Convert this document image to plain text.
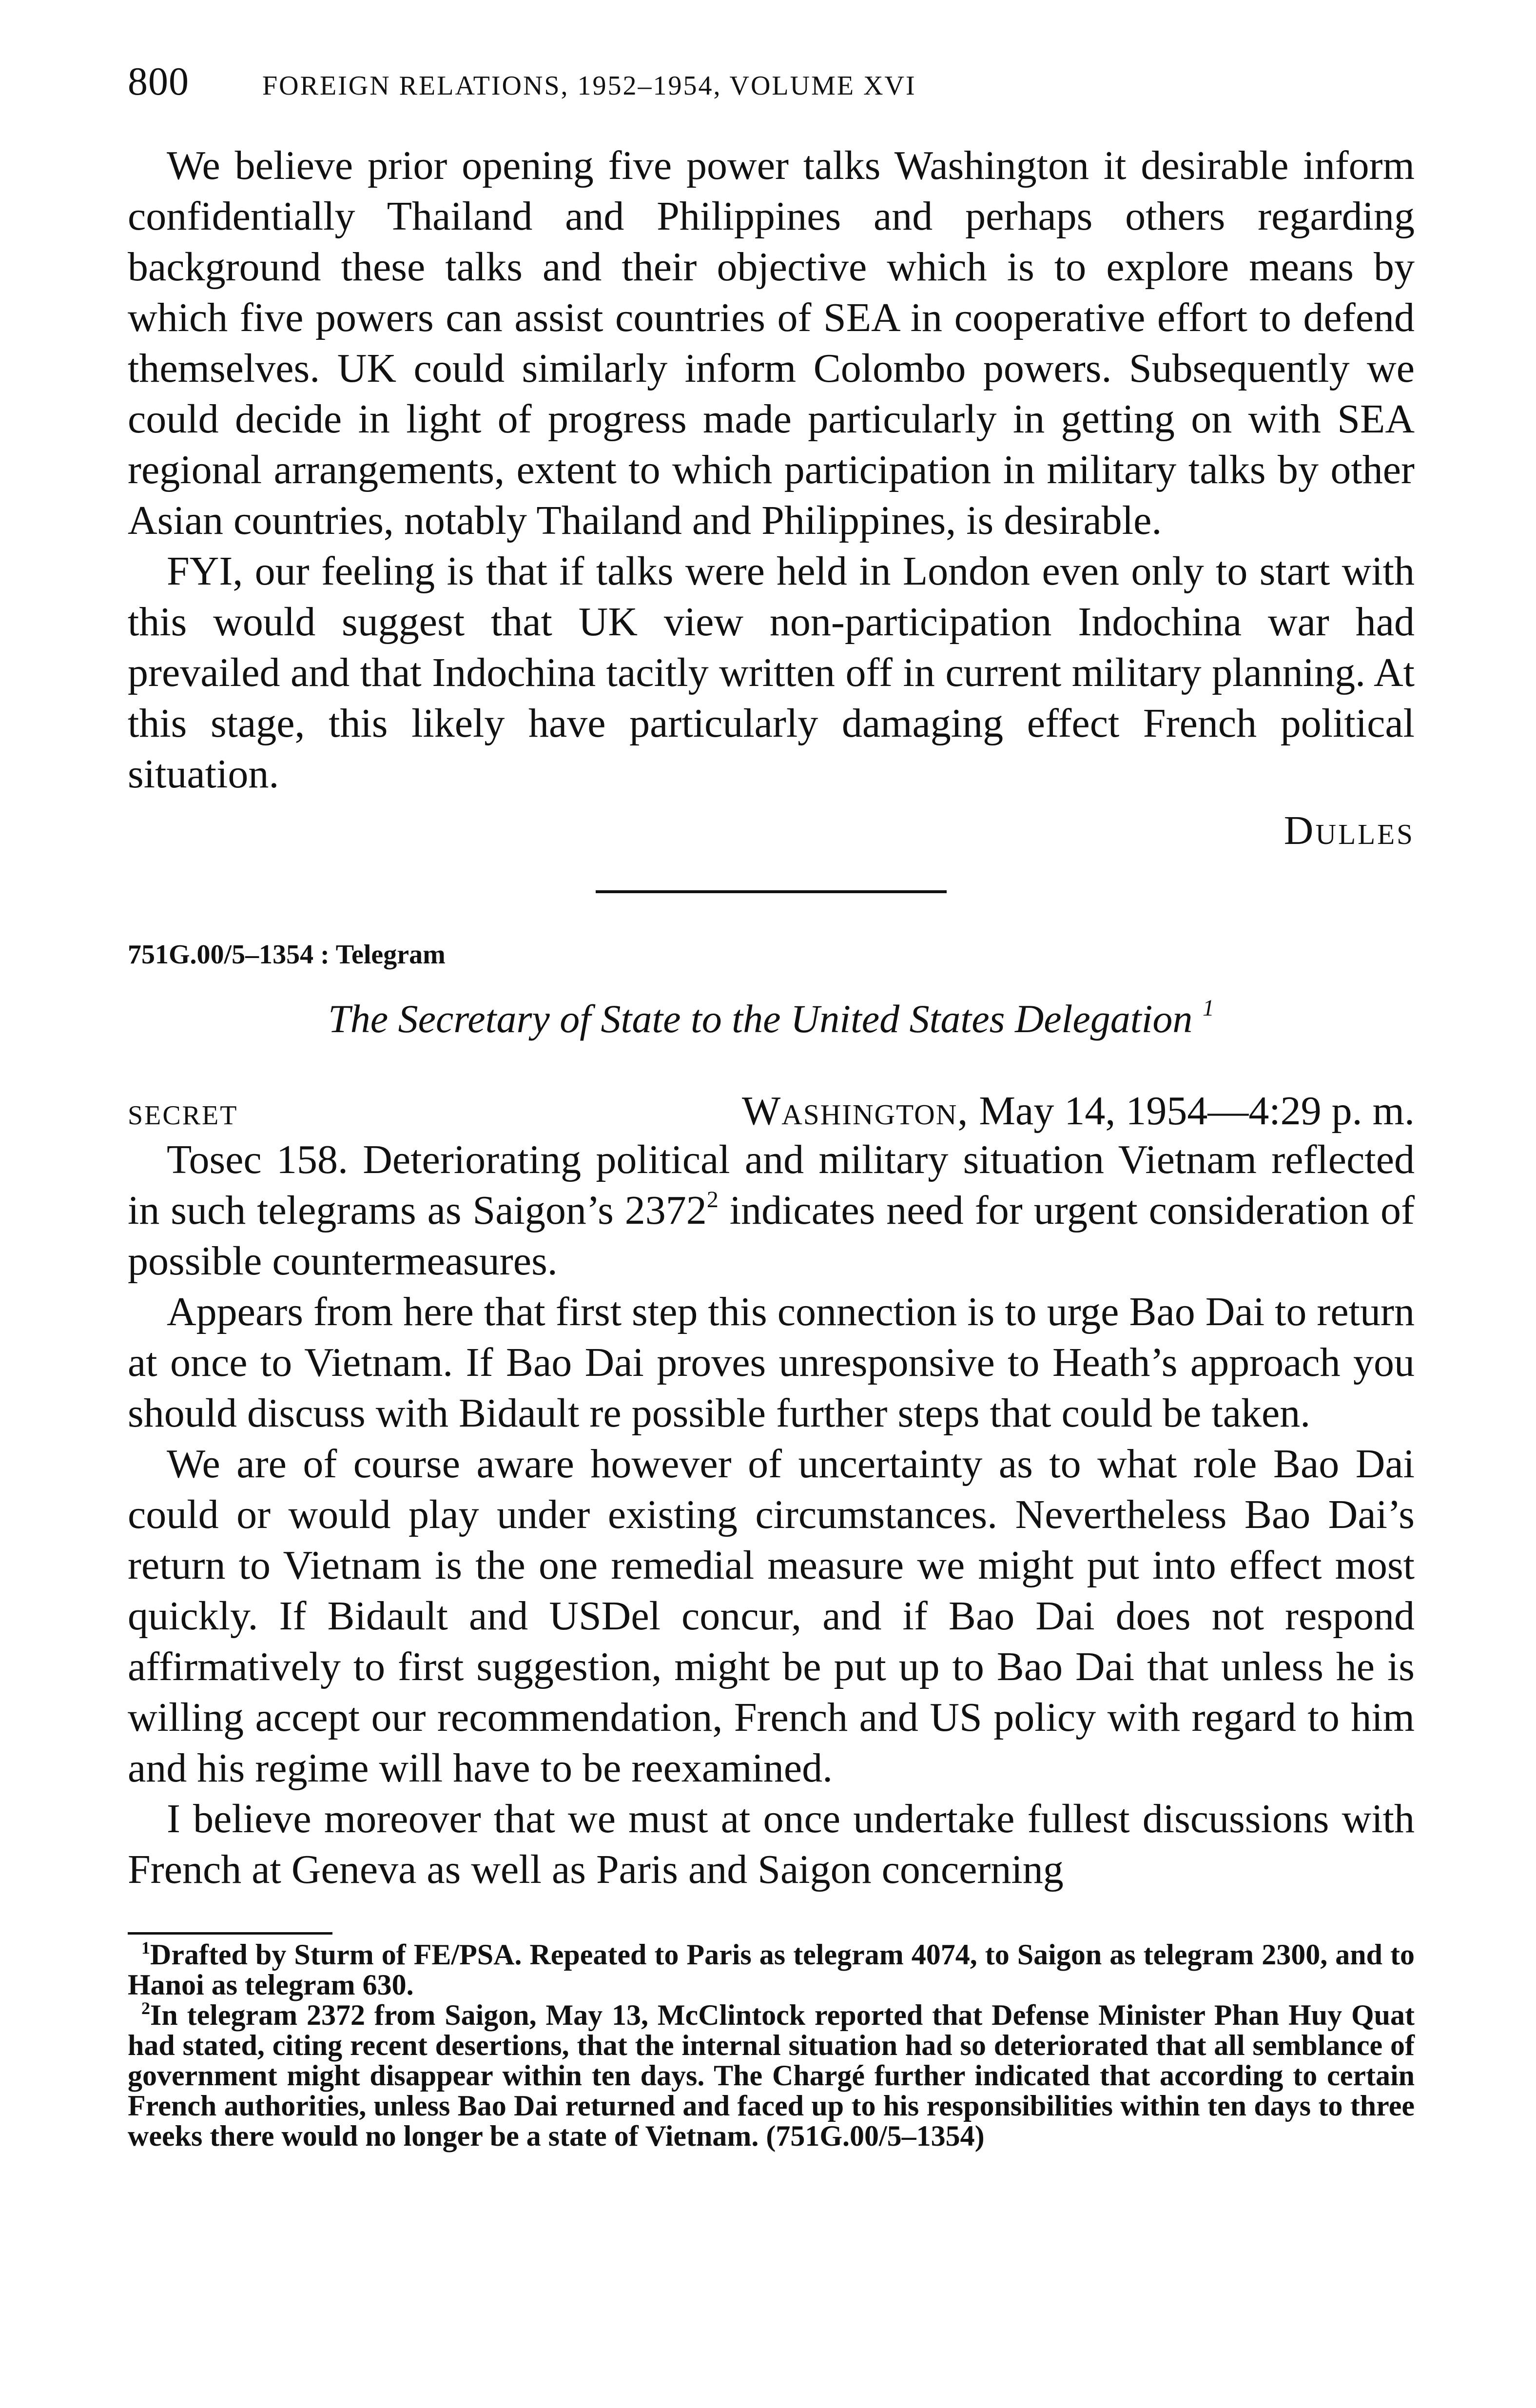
800	FOREIGN RELATIONS, 1952–1954, VOLUME XVI

We believe prior opening five power talks Washington it desirable inform confidentially Thailand and Philippines and perhaps others regarding background these talks and their objective which is to explore means by which five powers can assist countries of SEA in cooperative effort to defend themselves. UK could similarly inform Colombo powers. Subsequently we could decide in light of progress made particularly in getting on with SEA regional arrangements, extent to which participation in military talks by other Asian countries, notably Thailand and Philippines, is desirable.

FYI, our feeling is that if talks were held in London even only to start with this would suggest that UK view non-participation Indochina war had prevailed and that Indochina tacitly written off in current military planning. At this stage, this likely have particularly damaging effect French political situation.

Dulles
751G.00/5–1354 : Telegram
The Secretary of State to the United States Delegation $^1$
SECRET	Washington, May 14, 1954—4:29 p. m.

Tosec 158. Deteriorating political and military situation Vietnam reflected in such telegrams as Saigon’s 2372$^2$ indicates need for urgent consideration of possible countermeasures.

Appears from here that first step this connection is to urge Bao Dai to return at once to Vietnam. If Bao Dai proves unresponsive to Heath’s approach you should discuss with Bidault re possible further steps that could be taken.

We are of course aware however of uncertainty as to what role Bao Dai could or would play under existing circumstances. Nevertheless Bao Dai’s return to Vietnam is the one remedial measure we might put into effect most quickly. If Bidault and USDel concur, and if Bao Dai does not respond affirmatively to first suggestion, might be put up to Bao Dai that unless he is willing accept our recommendation, French and US policy with regard to him and his regime will have to be reexamined.

I believe moreover that we must at once undertake fullest discussions with French at Geneva as well as Paris and Saigon concerning

$^1$Drafted by Sturm of FE/PSA. Repeated to Paris as telegram 4074, to Saigon as telegram 2300, and to Hanoi as telegram 630.

$^2$In telegram 2372 from Saigon, May 13, McClintock reported that Defense Minister Phan Huy Quat had stated, citing recent desertions, that the internal situation had so deteriorated that all semblance of government might disappear within ten days. The Chargé further indicated that according to certain French authorities, unless Bao Dai returned and faced up to his responsibilities within ten days to three weeks there would no longer be a state of Vietnam. (751G.00/5–1354)
